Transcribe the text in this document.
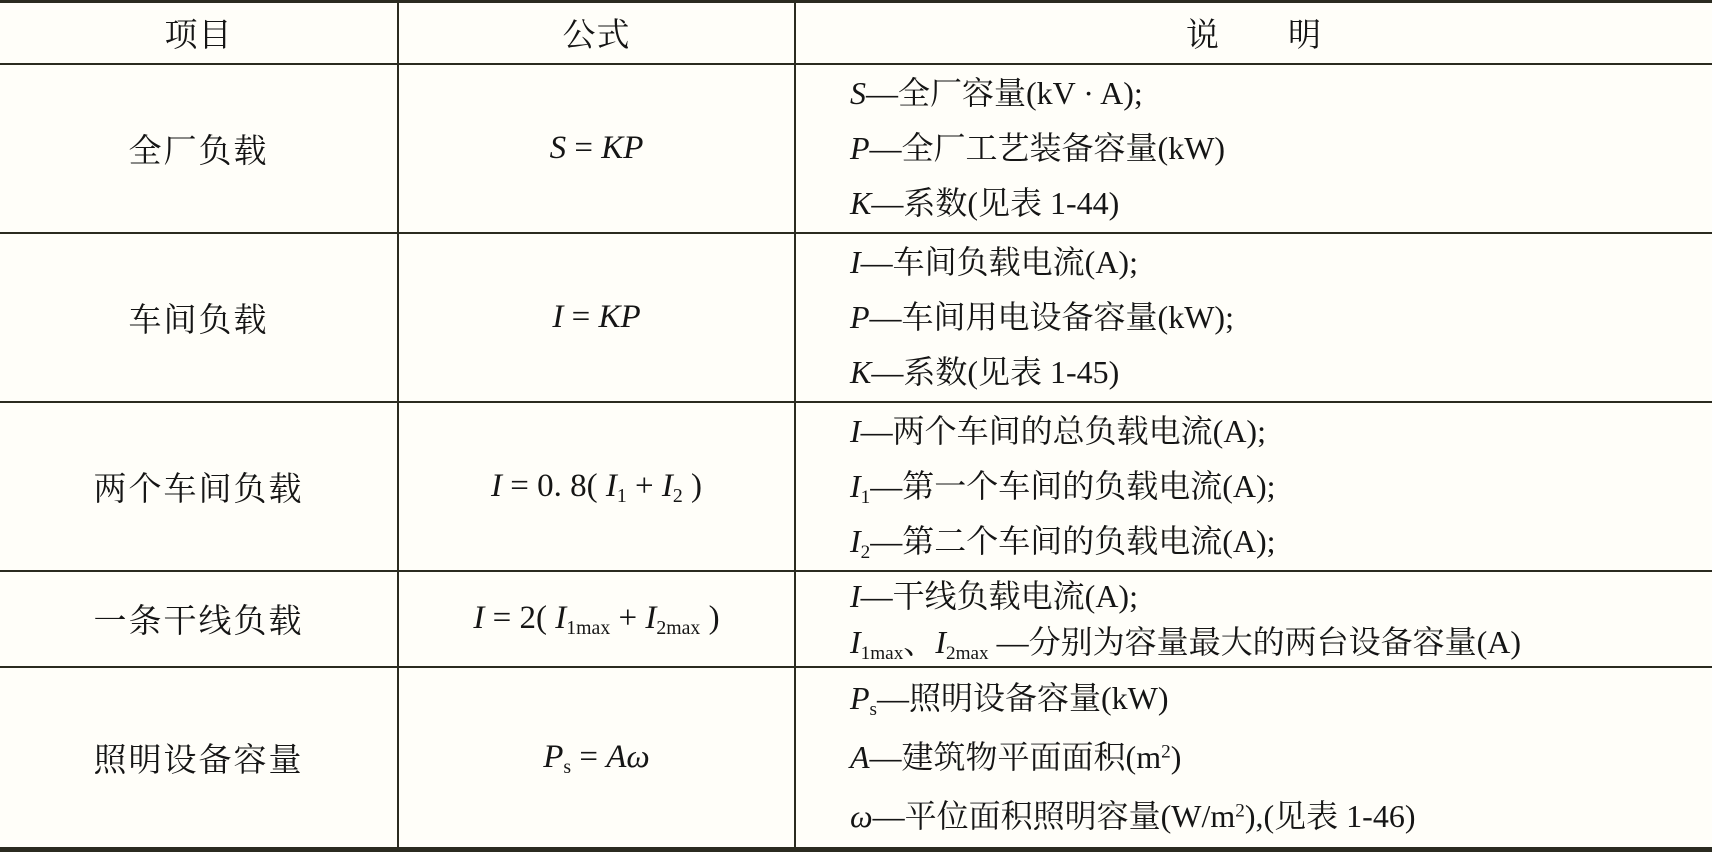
项目	公式	说　　明
全厂负载	S = KP	S—全厂容量(kV · A);
P—全厂工艺装备容量(kW)
K—系数(见表 1-44)

车间负载	I = KP	I—车间负载电流(A);
P—车间用电设备容量(kW);
K—系数(见表 1-45)

两个车间负载	I = 0. 8( $I_1 + I_2$ )	I—两个车间的总负载电流(A);
$I_1—$第一个车间的负载电流(A);
$I_2—$第二个车间的负载电流(A);

一条干线负载	I = 2( $I_{1max} + I_{2max}$ )	I—干线负载电流(A);
$I_{1max}$、$I_{2max}$ —分别为容量最大的两台设备容量(A)

照明设备容量	$P_s = A\omega$	$P_s—$照明设备容量(kW)
A—建筑物平面面积$(m^2)$
ω—平位面积照明容量$(W/m^2)$,(见表 1-46)
